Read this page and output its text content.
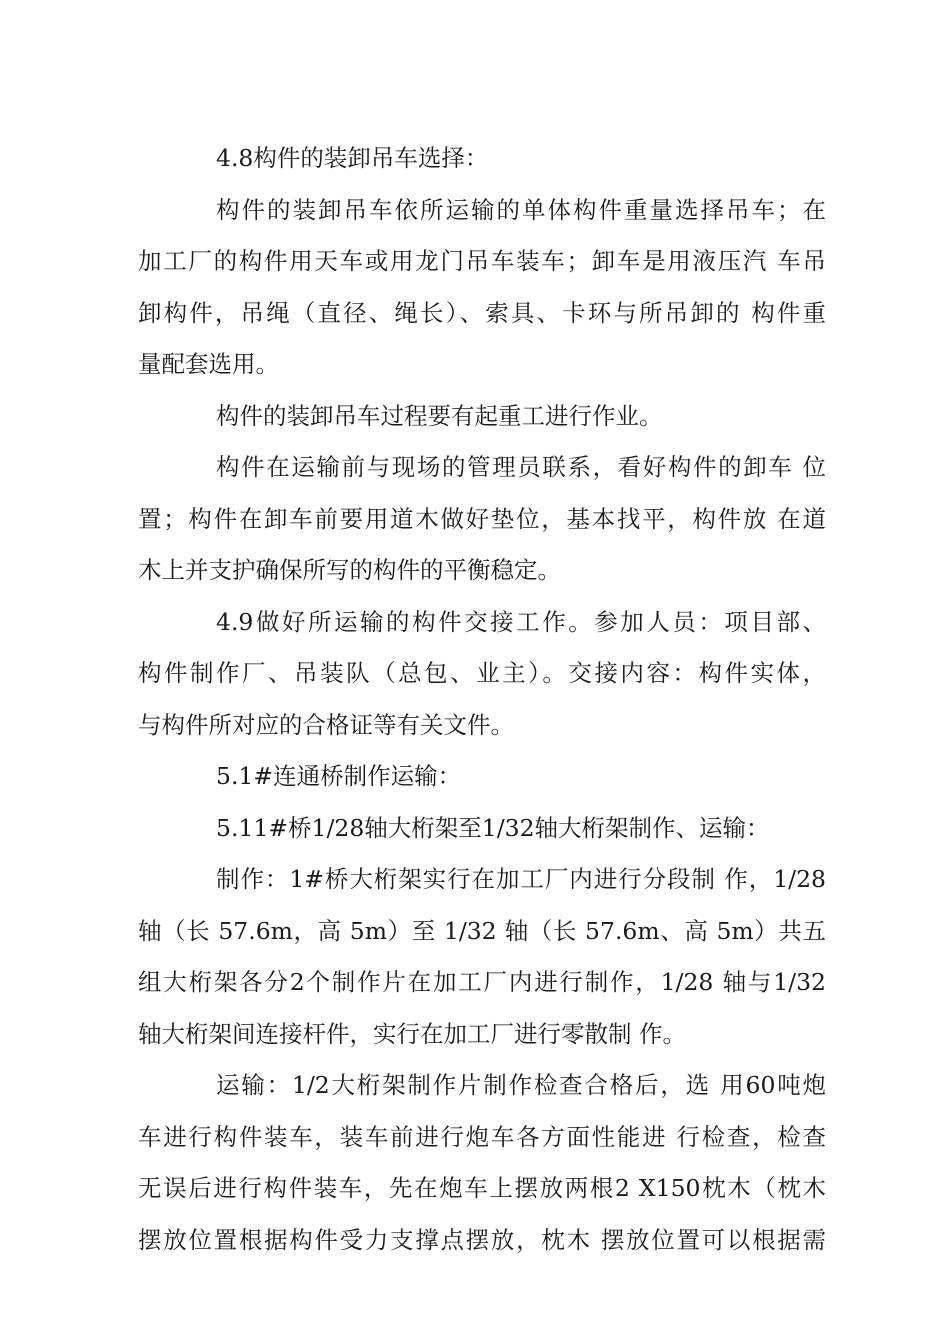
4.8构件的装卸吊车选择：

构件的装卸吊车依所运输的单体构件重量选择吊车；在
加工厂的构件用天车或用龙门吊车装车；卸车是用液压汽 车吊
卸构件，吊绳（直径、绳长）、索具、卡环与所吊卸的 构件重
量配套选用。

构件的装卸吊车过程要有起重工进行作业。

构件在运输前与现场的管理员联系，看好构件的卸车 位
置；构件在卸车前要用道木做好垫位，基本找平，构件放 在道
木上并支护确保所写的构件的平衡稳定。

4.9做好所运输的构件交接工作。参加人员：项目部、
构件制作厂、吊装队（总包、业主）。交接内容：构件实体，
与构件所对应的合格证等有关文件。

5.1#连通桥制作运输：

5.11#桥1/28轴大桁架至1/32轴大桁架制作、运输：

制作：1#桥大桁架实行在加工厂内进行分段制 作，1/28
轴（长 57.6m，高 5m）至 1/32 轴（长 57.6m、高 5m）共五
组大桁架各分2个制作片在加工厂内进行制作，1/28 轴与1/32
轴大桁架间连接杆件，实行在加工厂进行零散制 作。

运输：1/2大桁架制作片制作检查合格后，选 用60吨炮
车进行构件装车，装车前进行炮车各方面性能进 行检查，检查
无误后进行构件装车，先在炮车上摆放两根2 X150枕木（枕木
摆放位置根据构件受力支撑点摆放，枕木 摆放位置可以根据需
